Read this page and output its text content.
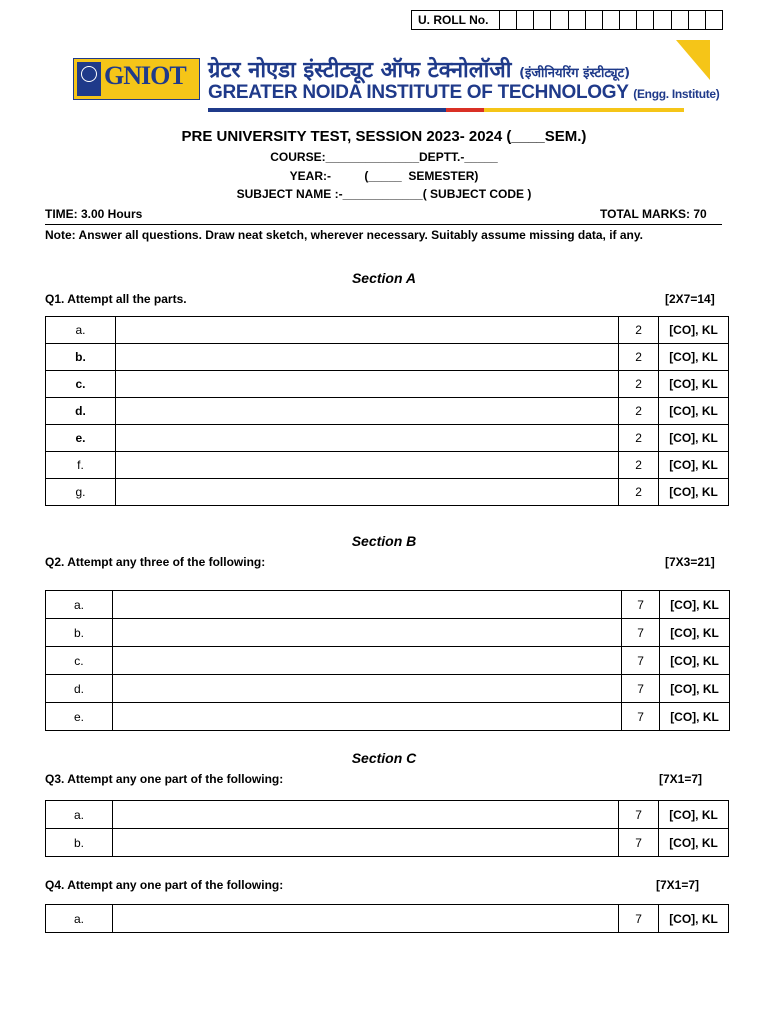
U. ROLL No.
GNIOT ग्रेटर नोएडा इंस्टीट्यूट ऑफ टेक्नोलॉजी (इंजीनियरिंग इंस्टीट्यूट)
GREATER NOIDA INSTITUTE OF TECHNOLOGY (Engg. Institute)
PRE UNIVERSITY TEST, SESSION 2023- 2024 (____SEM.)
COURSE:______________DEPTT.-_____
YEAR:-          (_____  SEMESTER)
SUBJECT NAME :-____________( SUBJECT CODE )
TIME: 3.00 Hours	TOTAL MARKS: 70
Note: Answer all questions. Draw neat sketch, wherever necessary. Suitably assume missing data, if any.
Section A
Q1. Attempt all the parts.	[2X7=14]
a.		2	[CO], KL
b.		2	[CO], KL
c.		2	[CO], KL
d.		2	[CO], KL
e.		2	[CO], KL
f.		2	[CO], KL
g.		2	[CO], KL
Section B
Q2. Attempt any three of the following:	[7X3=21]
a.		7	[CO], KL
b.		7	[CO], KL
c.		7	[CO], KL
d.		7	[CO], KL
e.		7	[CO], KL
Section C
Q3. Attempt any one part of the following:	[7X1=7]
a.		7	[CO], KL
b.		7	[CO], KL
Q4. Attempt any one part of the following:	[7X1=7]
a.		7	[CO], KL
